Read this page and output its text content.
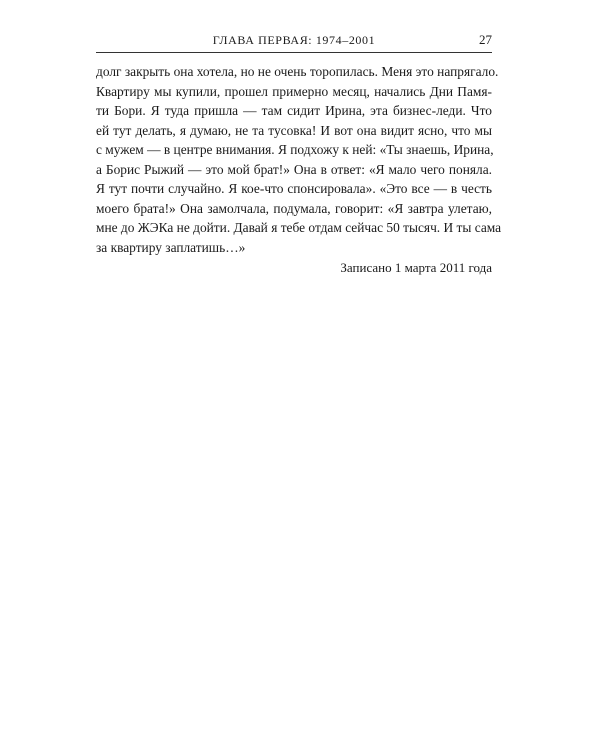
ГЛАВА ПЕРВАЯ: 1974–2001	27
долг закрыть она хотела, но не очень торопилась. Меня это напрягало.
Квартиру мы купили, прошел примерно месяц, начались Дни Памя-
ти Бори. Я туда пришла — там сидит Ирина, эта бизнес-леди. Что
ей тут делать, я думаю, не та тусовка! И вот она видит ясно, что мы
с мужем — в центре внимания. Я подхожу к ней: «Ты знаешь, Ирина,
а Борис Рыжий — это мой брат!» Она в ответ: «Я мало чего поняла.
Я тут почти случайно. Я кое-что спонсировала». «Это все — в честь
моего брата!» Она замолчала, подумала, говорит: «Я завтра улетаю,
мне до ЖЭКа не дойти. Давай я тебе отдам сейчас 50 тысяч. И ты сама
за квартиру заплатишь…»
Записано 1 марта 2011 года
